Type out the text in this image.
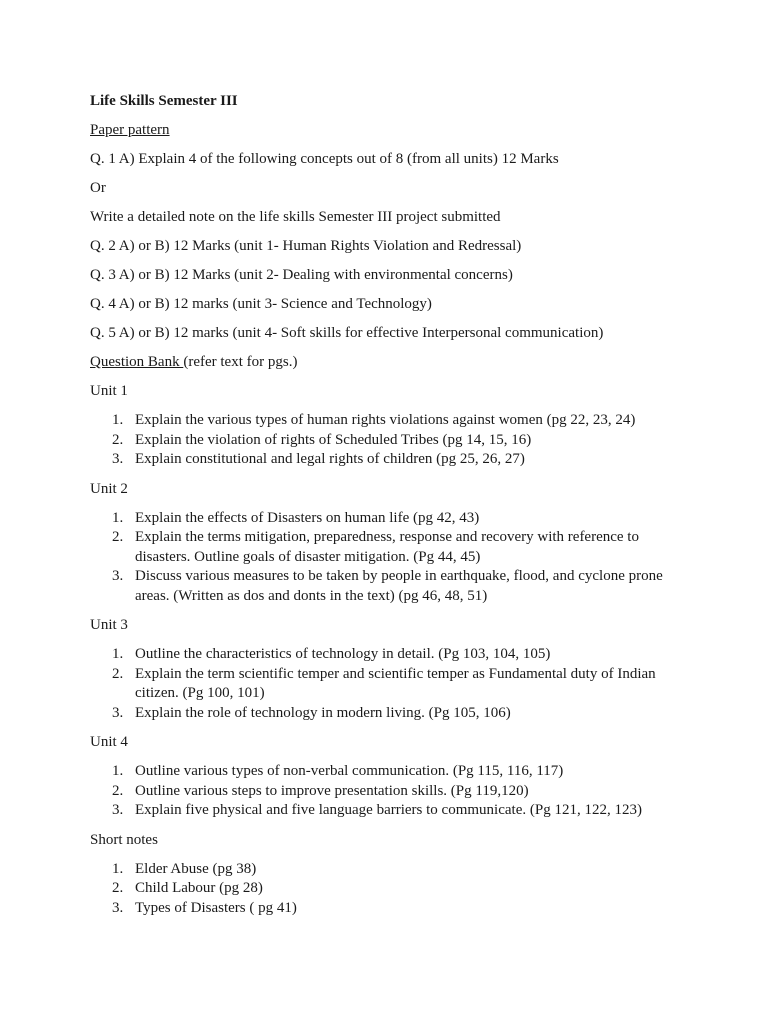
Life Skills Semester III

Paper pattern

Q. 1 A) Explain 4 of the following concepts out of 8 (from all units) 12 Marks

Or

Write a detailed note on the life skills Semester III project submitted

Q. 2 A) or B) 12 Marks (unit 1- Human Rights Violation and Redressal)

Q. 3 A) or B) 12 Marks (unit 2- Dealing with environmental concerns)

Q. 4 A) or B) 12 marks (unit 3- Science and Technology)

Q. 5 A) or B) 12 marks (unit 4- Soft skills for effective Interpersonal communication)

Question Bank (refer text for pgs.)

Unit 1

1. Explain the various types of human rights violations against women (pg 22, 23, 24)
2. Explain the violation of rights of Scheduled Tribes (pg 14, 15, 16)
3. Explain constitutional and legal rights of children (pg 25, 26, 27)

Unit 2

1. Explain the effects of Disasters on human life (pg 42, 43)
2. Explain the terms mitigation, preparedness, response and recovery with reference to disasters. Outline goals of disaster mitigation. (Pg 44, 45)
3. Discuss various measures to be taken by people in earthquake, flood, and cyclone prone areas. (Written as dos and donts in the text) (pg 46, 48, 51)

Unit 3

1. Outline the characteristics of technology in detail. (Pg 103, 104, 105)
2. Explain the term scientific temper and scientific temper as Fundamental duty of Indian citizen. (Pg 100, 101)
3. Explain the role of technology in modern living. (Pg 105, 106)

Unit 4

1. Outline various types of non-verbal communication. (Pg 115, 116, 117)
2. Outline various steps to improve presentation skills. (Pg 119,120)
3. Explain five physical and five language barriers to communicate. (Pg 121, 122, 123)

Short notes

1. Elder Abuse (pg 38)
2. Child Labour (pg 28)
3. Types of Disasters ( pg 41)
